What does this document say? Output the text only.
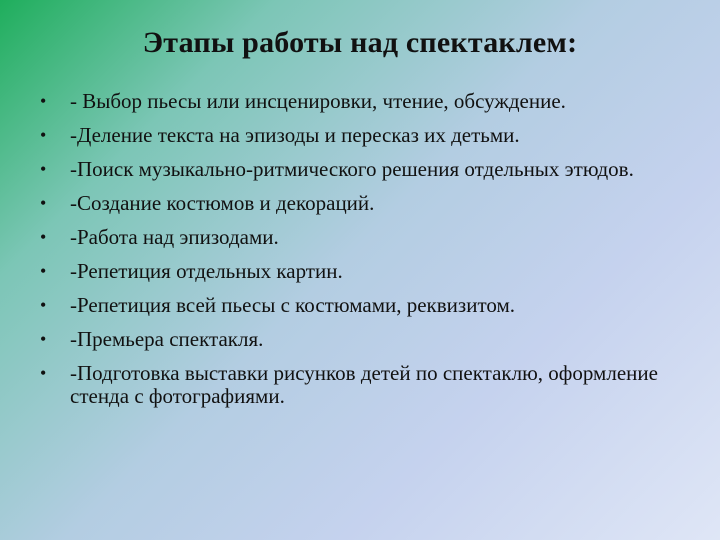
Этапы работы над спектаклем:
• - Выбор пьесы или инсценировки, чтение, обсуждение.
• -Деление текста на эпизоды и пересказ их детьми.
• -Поиск музыкально-ритмического решения отдельных этюдов.
• -Создание костюмов и декораций.
• -Работа над эпизодами.
• -Репетиция отдельных картин.
• -Репетиция всей пьесы с костюмами, реквизитом.
• -Премьера спектакля.
• -Подготовка выставки рисунков детей по спектаклю, оформление стенда с фотографиями.
